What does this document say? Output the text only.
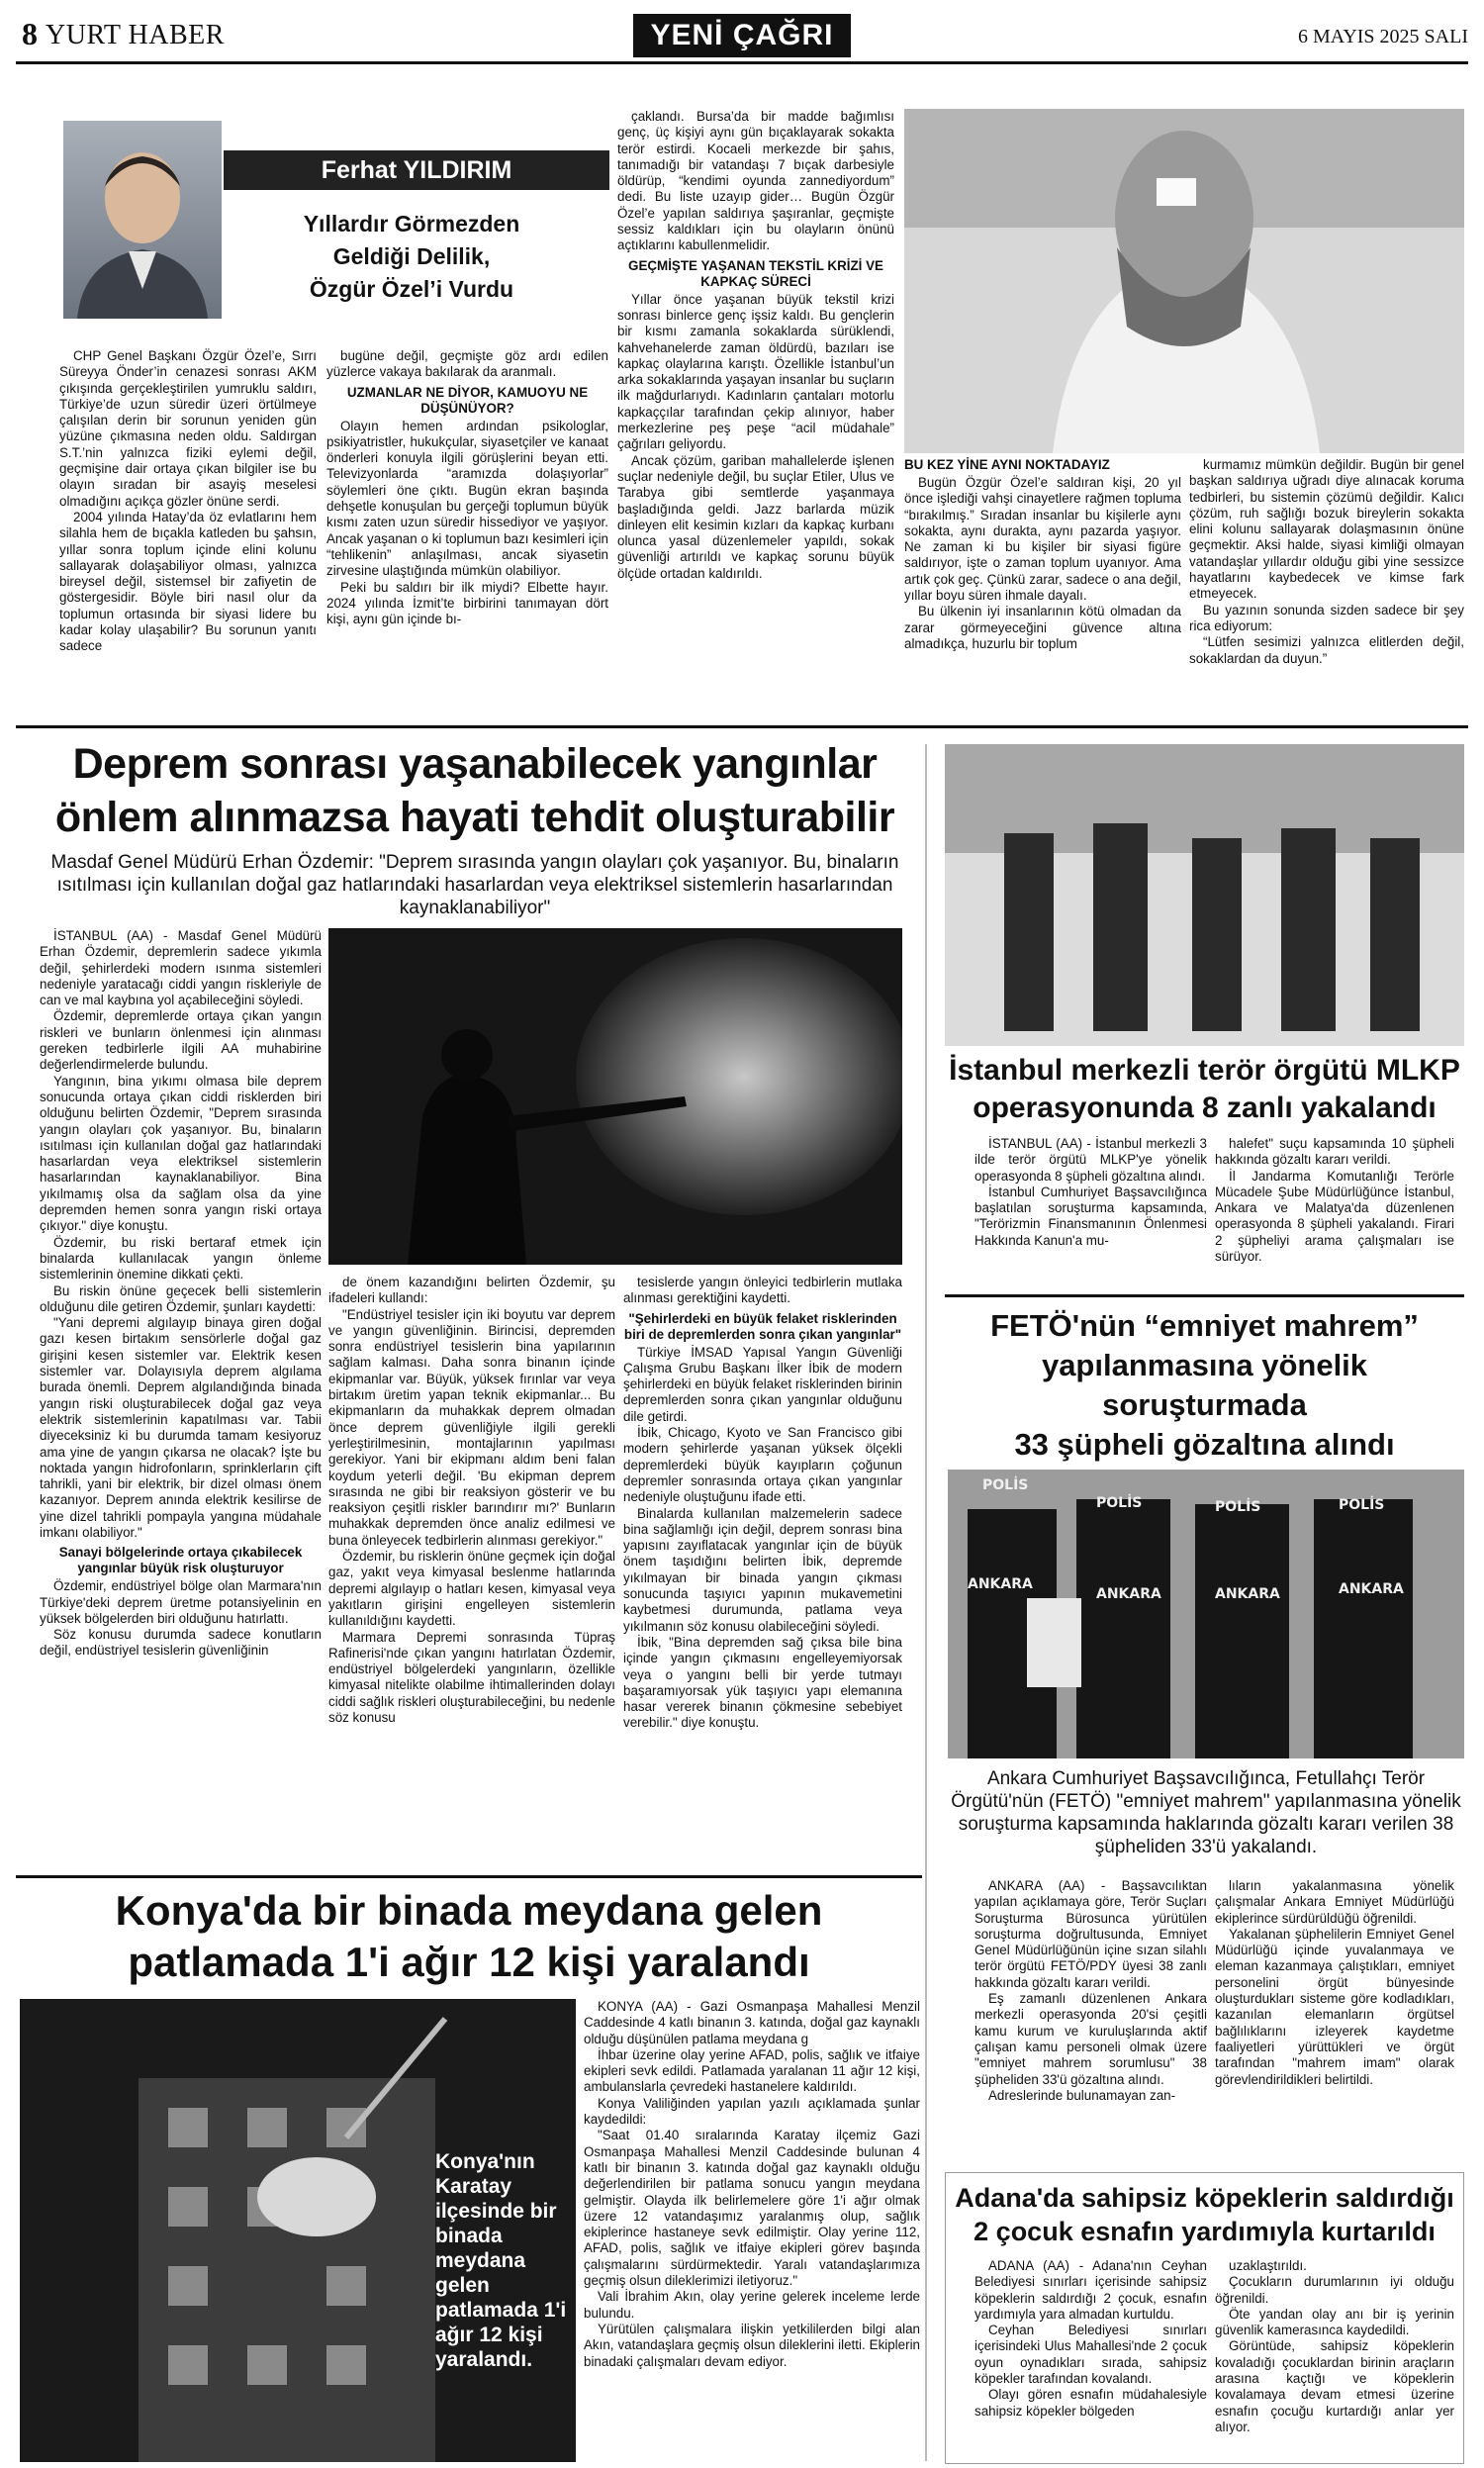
8 YURT HABER	YENİ ÇAĞRI	6 MAYIS 2025 SALI
Ferhat YILDIRIM
Yıllardır Görmezden
Geldiği Delilik,
Özgür Özel’i Vurdu

CHP Genel Başkanı Özgür Özel’e, Sırrı Süreyya Önder’in cenazesi sonrası AKM çıkışında gerçekleştirilen yumruklu saldırı, Türkiye’de uzun süredir üzeri örtülmeye çalışılan derin bir sorunun yeniden gün yüzüne çıkmasına neden oldu. Saldırgan S.T.’nin yalnızca fiziki eylemi değil, geçmişine dair ortaya çıkan bilgiler ise bu olayın sıradan bir asayiş meselesi olmadığını açıkça gözler önüne serdi.

2004 yılında Hatay’da öz evlatlarını hem silahla hem de bıçakla katleden bu şahsın, yıllar sonra toplum içinde elini kolunu sallayarak dolaşabiliyor olması, yalnızca bireysel değil, sistemsel bir zafiyetin de göstergesidir. Böyle biri nasıl olur da toplumun ortasında bir siyasi lidere bu kadar kolay ulaşabilir? Bu sorunun yanıtı sadece

bugüne değil, geçmişte göz ardı edilen yüzlerce vakaya bakılarak da aranmalı.

UZMANLAR NE DİYOR, KAMUOYU NE DÜŞÜNÜYOR?

Olayın hemen ardından psikologlar, psikiyatristler, hukukçular, siyasetçiler ve kanaat önderleri konuyla ilgili görüşlerini beyan etti. Televizyonlarda “aramızda dolaşıyorlar” söylemleri öne çıktı. Bugün ekran başında dehşetle konuşulan bu gerçeği toplumun büyük kısmı zaten uzun süredir hissediyor ve yaşıyor. Ancak yaşanan o ki toplumun bazı kesimleri için “tehlikenin” anlaşılması, ancak siyasetin zirvesine ulaştığında mümkün olabiliyor.

Peki bu saldırı bir ilk miydi? Elbette hayır. 2024 yılında İzmit’te birbirini tanımayan dört kişi, aynı gün içinde bı-

çaklandı. Bursa’da bir madde bağımlısı genç, üç kişiyi aynı gün bıçaklayarak sokakta terör estirdi. Kocaeli merkezde bir şahıs, tanımadığı bir vatandaşı 7 bıçak darbesiyle öldürüp, “kendimi oyunda zannediyordum” dedi. Bu liste uzayıp gider… Bugün Özgür Özel’e yapılan saldırıya şaşıranlar, geçmişte sessiz kaldıkları için bu olayların önünü açtıklarını kabullenmelidir.

GEÇMİŞTE YAŞANAN TEKSTİL KRİZİ VE KAPKAÇ SÜRECİ

Yıllar önce yaşanan büyük tekstil krizi sonrası binlerce genç işsiz kaldı. Bu gençlerin bir kısmı zamanla sokaklarda sürüklendi, kahvehanelerde zaman öldürdü, bazıları ise kapkaç olaylarına karıştı. Özellikle İstanbul’un arka sokaklarında yaşayan insanlar bu suçların ilk mağdurlarıydı. Kadınların çantaları motorlu kapkaççılar tarafından çekip alınıyor, haber merkezlerine peş peşe “acil müdahale” çağrıları geliyordu.

Ancak çözüm, gariban mahallelerde işlenen suçlar nedeniyle değil, bu suçlar Etiler, Ulus ve Tarabya gibi semtlerde yaşanmaya başladığında geldi. Jazz barlarda müzik dinleyen elit kesimin kızları da kapkaç kurbanı olunca yasal düzenlemeler yapıldı, sokak güvenliği artırıldı ve kapkaç sorunu büyük ölçüde ortadan kaldırıldı.

BU KEZ YİNE AYNI NOKTADAYIZ

Bugün Özgür Özel’e saldıran kişi, 20 yıl önce işlediği vahşi cinayetlere rağmen topluma “bırakılmış.” Sıradan insanlar bu kişilerle aynı sokakta, aynı durakta, aynı pazarda yaşıyor. Ne zaman ki bu kişiler bir siyasi figüre saldırıyor, işte o zaman toplum uyanıyor. Ama artık çok geç. Çünkü zarar, sadece o ana değil, yıllar boyu süren ihmale dayalı.

Bu ülkenin iyi insanlarının kötü olmadan da zarar görmeyeceğini güvence altına almadıkça, huzurlu bir toplum

kurmamız mümkün değildir. Bugün bir genel başkan saldırıya uğradı diye alınacak koruma tedbirleri, bu sistemin çözümü değildir. Kalıcı çözüm, ruh sağlığı bozuk bireylerin sokakta elini kolunu sallayarak dolaşmasının önüne geçmektir. Aksi halde, siyasi kimliği olmayan vatandaşlar yıllardır olduğu gibi yine sessizce hayatlarını kaybedecek ve kimse fark etmeyecek.

Bu yazının sonunda sizden sadece bir şey rica ediyorum:

“Lütfen sesimizi yalnızca elitlerden değil, sokaklardan da duyun.”

Deprem sonrası yaşanabilecek yangınlar
önlem alınmazsa hayati tehdit oluşturabilir
Masdaf Genel Müdürü Erhan Özdemir: "Deprem sırasında yangın olayları çok yaşanıyor. Bu, binaların ısıtılması için kullanılan doğal gaz hatlarındaki hasarlardan veya elektriksel sistemlerin hasarlarından kaynaklanabiliyor"

İSTANBUL (AA) - Masdaf Genel Müdürü Erhan Özdemir, depremlerin sadece yıkımla değil, şehirlerdeki modern ısınma sistemleri nedeniyle yaratacağı ciddi yangın riskleriyle de can ve mal kaybına yol açabileceğini söyledi.

Özdemir, depremlerde ortaya çıkan yangın riskleri ve bunların önlenmesi için alınması gereken tedbirlerle ilgili AA muhabirine değerlendirmelerde bulundu.

Yangının, bina yıkımı olmasa bile deprem sonucunda ortaya çıkan ciddi risklerden biri olduğunu belirten Özdemir, "Deprem sırasında yangın olayları çok yaşanıyor. Bu, binaların ısıtılması için kullanılan doğal gaz hatlarındaki hasarlardan veya elektriksel sistemlerin hasarlarından kaynaklanabiliyor. Bina yıkılmamış olsa da sağlam olsa da yine depremden hemen sonra yangın riski ortaya çıkıyor." diye konuştu.

Özdemir, bu riski bertaraf etmek için binalarda kullanılacak yangın önleme sistemlerinin önemine dikkati çekti.

Bu riskin önüne geçecek belli sistemlerin olduğunu dile getiren Özdemir, şunları kaydetti:

"Yani depremi algılayıp binaya giren doğal gazı kesen birtakım sensörlerle doğal gaz girişini kesen sistemler var. Elektrik kesen sistemler var. Dolayısıyla deprem algılama burada önemli. Deprem algılandığında binada yangın riski oluşturabilecek doğal gaz veya elektrik sistemlerinin kapatılması var. Tabii diyeceksiniz ki bu durumda tamam kesiyoruz ama yine de yangın çıkarsa ne olacak? İşte bu noktada yangın hidrofonların, sprinklerların çift tahrikli, yani bir elektrik, bir dizel olması önem kazanıyor. Deprem anında elektrik kesilirse de yine dizel tahrikli pompayla yangına müdahale imkanı olabiliyor."

Sanayi bölgelerinde ortaya çıkabilecek yangınlar büyük risk oluşturuyor

Özdemir, endüstriyel bölge olan Marmara'nın Türkiye'deki deprem üretme potansiyelinin en yüksek bölgelerden biri olduğunu hatırlattı.

Söz konusu durumda sadece konutların değil, endüstriyel tesislerin güvenliğinin

de önem kazandığını belirten Özdemir, şu ifadeleri kullandı:

"Endüstriyel tesisler için iki boyutu var deprem ve yangın güvenliğinin. Birincisi, depremden sonra endüstriyel tesislerin bina yapılarının sağlam kalması. Daha sonra binanın içinde ekipmanlar var. Büyük, yüksek fırınlar var veya birtakım üretim yapan teknik ekipmanlar... Bu ekipmanların da muhakkak deprem olmadan önce deprem güvenliğiyle ilgili gerekli yerleştirilmesinin, montajlarının yapılması gerekiyor. Yani bir ekipmanı aldım beni falan koydum yeterli değil. 'Bu ekipman deprem sırasında ne gibi bir reaksiyon gösterir ve bu reaksiyon çeşitli riskler barındırır mı?' Bunların muhakkak depremden önce analiz edilmesi ve buna önleyecek tedbirlerin alınması gerekiyor."

Özdemir, bu risklerin önüne geçmek için doğal gaz, yakıt veya kimyasal beslenme hatlarında depremi algılayıp o hatları kesen, kimyasal veya yakıtların girişini engelleyen sistemlerin kullanıldığını kaydetti.

Marmara Depremi sonrasında Tüpraş Rafinerisi'nde çıkan yangını hatırlatan Özdemir, endüstriyel bölgelerdeki yangınların, özellikle kimyasal nitelikte olabilme ihtimallerinden dolayı ciddi sağlık riskleri oluşturabileceğini, bu nedenle söz konusu

tesislerde yangın önleyici tedbirlerin mutlaka alınması gerektiğini kaydetti.

"Şehirlerdeki en büyük felaket risklerinden biri de depremlerden sonra çıkan yangınlar"

Türkiye İMSAD Yapısal Yangın Güvenliği Çalışma Grubu Başkanı İlker İbik de modern şehirlerdeki en büyük felaket risklerinden birinin depremlerden sonra çıkan yangınlar olduğunu dile getirdi.

İbik, Chicago, Kyoto ve San Francisco gibi modern şehirlerde yaşanan yüksek ölçekli depremlerdeki büyük kayıpların çoğunun depremler sonrasında ortaya çıkan yangınlar nedeniyle oluştuğunu ifade etti.

Binalarda kullanılan malzemelerin sadece bina sağlamlığı için değil, deprem sonrası bina yapısını zayıflatacak yangınlar için de büyük önem taşıdığını belirten İbik, depremde yıkılmayan bir binada yangın çıkması sonucunda taşıyıcı yapının mukavemetini kaybetmesi durumunda, patlama veya yıkılmanın söz konusu olabileceğini söyledi.

İbik, "Bina depremden sağ çıksa bile bina içinde yangın çıkmasını engelleyemiyorsak veya o yangını belli bir yerde tutmayı başaramıyorsak yük taşıyıcı yapı elemanına hasar vererek binanın çökmesine sebebiyet verebilir." diye konuştu.

Konya'da bir binada meydana gelen
patlamada 1'i ağır 12 kişi yaralandı
Konya'nın Karatay ilçesinde bir binada meydana gelen patlamada 1'i ağır 12 kişi yaralandı.

KONYA (AA) - Gazi Osmanpaşa Mahallesi Menzil Caddesinde 4 katlı binanın 3. katında, doğal gaz kaynaklı olduğu düşünülen patlama meydana g

İhbar üzerine olay yerine AFAD, polis, sağlık ve itfaiye ekipleri sevk edildi. Patlamada yaralanan 11 ağır 12 kişi, ambulanslarla çevredeki hastanelere kaldırıldı.

Konya Valiliğinden yapılan yazılı açıklamada şunlar kaydedildi:

"Saat 01.40 sıralarında Karatay ilçemiz Gazi Osmanpaşa Mahallesi Menzil Caddesinde bulunan 4 katlı bir binanın 3. katında doğal gaz kaynaklı olduğu değerlendirilen bir patlama sonucu yangın meydana gelmiştir. Olayda ilk belirlemelere göre 1'i ağır olmak üzere 12 vatandaşımız yaralanmış olup, sağlık ekiplerince hastaneye sevk edilmiştir. Olay yerine 112, AFAD, polis, sağlık ve itfaiye ekipleri görev başında çalışmalarını sürdürmektedir. Yaralı vatandaşlarımıza geçmiş olsun dileklerimizi iletiyoruz."

Vali İbrahim Akın, olay yerine gelerek inceleme lerde bulundu.

Yürütülen çalışmalara ilişkin yetkililerden bilgi alan Akın, vatandaşlara geçmiş olsun dileklerini iletti. Ekiplerin binadaki çalışmaları devam ediyor.

İstanbul merkezli terör örgütü MLKP
operasyonunda 8 zanlı yakalandı

İSTANBUL (AA) - İstanbul merkezli 3 ilde terör örgütü MLKP'ye yönelik operasyonda 8 şüpheli gözaltına alındı.

İstanbul Cumhuriyet Başsavcılığınca başlatılan soruşturma kapsamında, "Terörizmin Finansmanının Önlenmesi Hakkında Kanun'a mu-

halefet" suçu kapsamında 10 şüpheli hakkında gözaltı kararı verildi.

İl Jandarma Komutanlığı Terörle Mücadele Şube Müdürlüğünce İstanbul, Ankara ve Malatya'da düzenlenen operasyonda 8 şüpheli yakalandı. Firari 2 şüpheliyi arama çalışmaları ise sürüyor.

FETÖ'nün “emniyet mahrem”
yapılanmasına yönelik soruşturmada
33 şüpheli gözaltına alındı
POLİS
POLİS	POLİS	POLİS
ANKARA
ANKARA	ANKARA	ANKARA
Ankara Cumhuriyet Başsavcılığınca, Fetullahçı Terör Örgütü'nün (FETÖ) "emniyet mahrem" yapılanmasına yönelik soruşturma kapsamında haklarında gözaltı kararı verilen 38 şüpheliden 33'ü yakalandı.

ANKARA (AA) - Başsavcılıktan yapılan açıklamaya göre, Terör Suçları Soruşturma Bürosunca yürütülen soruşturma doğrultusunda, Emniyet Genel Müdürlüğünün içine sızan silahlı terör örgütü FETÖ/PDY üyesi 38 zanlı hakkında gözaltı kararı verildi.

Eş zamanlı düzenlenen Ankara merkezli operasyonda 20'si çeşitli kamu kurum ve kuruluşlarında aktif çalışan kamu personeli olmak üzere "emniyet mahrem sorumlusu" 38 şüpheliden 33'ü gözaltına alındı.

Adreslerinde bulunamayan zan-

lıların yakalanmasına yönelik çalışmalar Ankara Emniyet Müdürlüğü ekiplerince sürdürüldüğü öğrenildi.

Yakalanan şüphelilerin Emniyet Genel Müdürlüğü içinde yuvalanmaya ve eleman kazanmaya çalıştıkları, emniyet personelini örgüt bünyesinde oluşturdukları sisteme göre kodladıkları, kazanılan elemanların örgütsel bağlılıklarını izleyerek kaydetme faaliyetleri yürüttükleri ve örgüt tarafından "mahrem imam" olarak görevlendirildikleri belirtildi.

Adana'da sahipsiz köpeklerin saldırdığı
2 çocuk esnafın yardımıyla kurtarıldı

ADANA (AA) - Adana'nın Ceyhan Belediyesi sınırları içerisinde sahipsiz köpeklerin saldırdığı 2 çocuk, esnafın yardımıyla yara almadan kurtuldu.

Ceyhan Belediyesi sınırları içerisindeki Ulus Mahallesi'nde 2 çocuk oyun oynadıkları sırada, sahipsiz köpekler tarafından kovalandı.

Olayı gören esnafın müdahalesiyle sahipsiz köpekler bölgeden

uzaklaştırıldı.

Çocukların durumlarının iyi olduğu öğrenildi.

Öte yandan olay anı bir iş yerinin güvenlik kamerasınca kaydedildi.

Görüntüde, sahipsiz köpeklerin kovaladığı çocuklardan birinin araçların arasına kaçtığı ve köpeklerin kovalamaya devam etmesi üzerine esnafın çocuğu kurtardığı anlar yer alıyor.
